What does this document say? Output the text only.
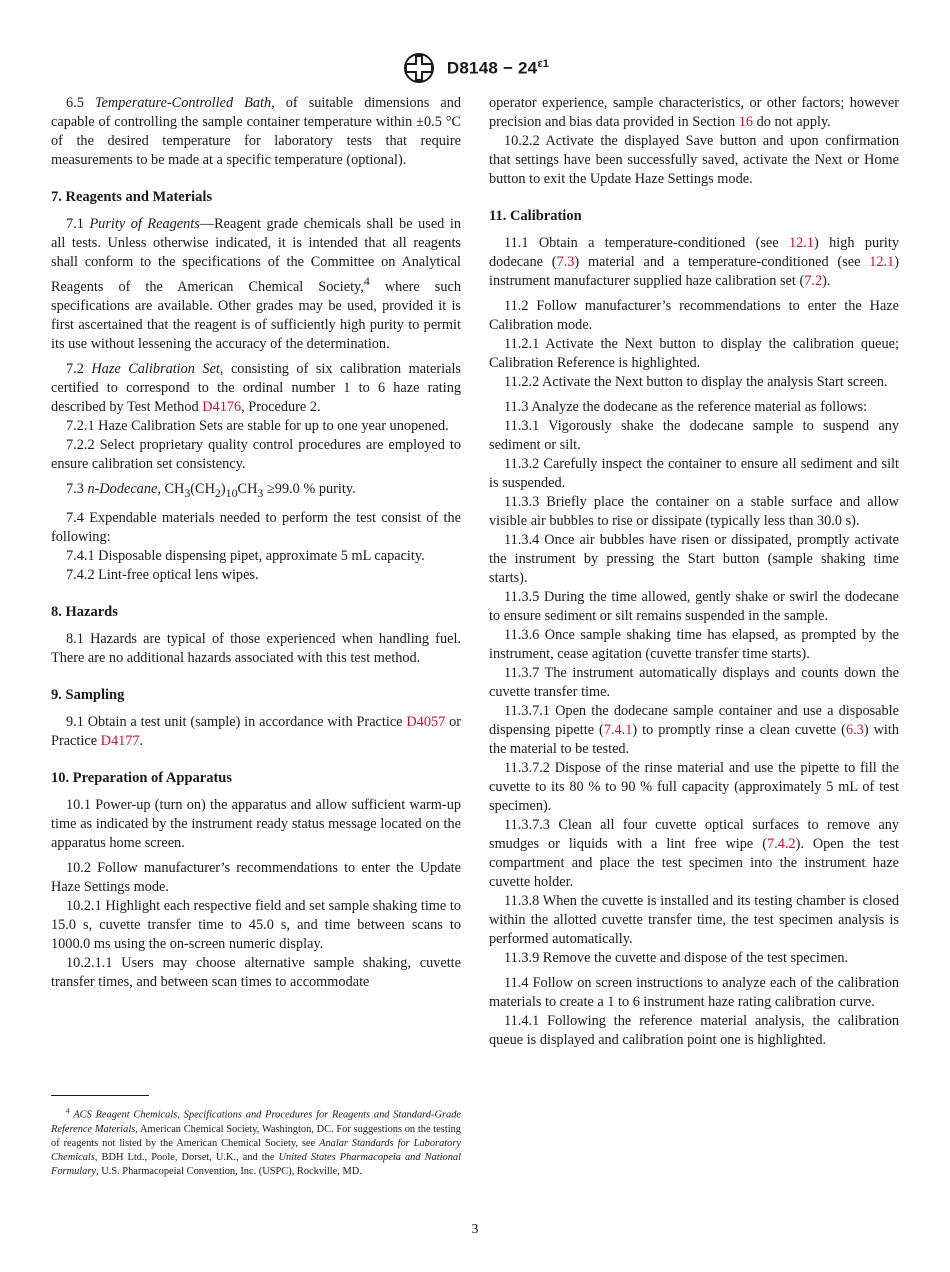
$D8148 - 24^{\varepsilon 1}$

6.5 Temperature-Controlled Bath, of suitable dimensions and capable of controlling the sample container temperature within ±0.5 °C of the desired temperature for laboratory tests that require measurements to be made at a specific temperature (optional).

7. Reagents and Materials

7.1 Purity of Reagents—Reagent grade chemicals shall be used in all tests. Unless otherwise indicated, it is intended that all reagents shall conform to the specifications of the Committee on Analytical Reagents of the American Chemical Society,$^4$ where such specifications are available. Other grades may be used, provided it is first ascertained that the reagent is of sufficiently high purity to permit its use without lessening the accuracy of the determination.

7.2 Haze Calibration Set, consisting of six calibration materials certified to correspond to the ordinal number 1 to 6 haze rating described by Test Method D4176, Procedure 2.

7.2.1 Haze Calibration Sets are stable for up to one year unopened.

7.2.2 Select proprietary quality control procedures are employed to ensure calibration set consistency.

7.3 n-Dodecane, $CH_3(CH_2)_{10}CH_3 \ge 99.0$ % purity.

7.4 Expendable materials needed to perform the test consist of the following:

7.4.1 Disposable dispensing pipet, approximate 5 mL capacity.

7.4.2 Lint-free optical lens wipes.

8. Hazards

8.1 Hazards are typical of those experienced when handling fuel. There are no additional hazards associated with this test method.

9. Sampling

9.1 Obtain a test unit (sample) in accordance with Practice D4057 or Practice D4177.

10. Preparation of Apparatus

10.1 Power-up (turn on) the apparatus and allow sufficient warm-up time as indicated by the instrument ready status message located on the apparatus home screen.

10.2 Follow manufacturer’s recommendations to enter the Update Haze Settings mode.

10.2.1 Highlight each respective field and set sample shaking time to 15.0 s, cuvette transfer time to 45.0 s, and time between scans to 1000.0 ms using the on-screen numeric display.

10.2.1.1 Users may choose alternative sample shaking, cuvette transfer times, and between scan times to accommodate

operator experience, sample characteristics, or other factors; however precision and bias data provided in Section 16 do not apply.

10.2.2 Activate the displayed Save button and upon confirmation that settings have been successfully saved, activate the Next or Home button to exit the Update Haze Settings mode.

11. Calibration

11.1 Obtain a temperature-conditioned (see 12.1) high purity dodecane (7.3) material and a temperature-conditioned (see 12.1) instrument manufacturer supplied haze calibration set (7.2).

11.2 Follow manufacturer’s recommendations to enter the Haze Calibration mode.

11.2.1 Activate the Next button to display the calibration queue; Calibration Reference is highlighted.

11.2.2 Activate the Next button to display the analysis Start screen.

11.3 Analyze the dodecane as the reference material as follows:

11.3.1 Vigorously shake the dodecane sample to suspend any sediment or silt.

11.3.2 Carefully inspect the container to ensure all sediment and silt is suspended.

11.3.3 Briefly place the container on a stable surface and allow visible air bubbles to rise or dissipate (typically less than 30.0 s).

11.3.4 Once air bubbles have risen or dissipated, promptly activate the instrument by pressing the Start button (sample shaking time starts).

11.3.5 During the time allowed, gently shake or swirl the dodecane to ensure sediment or silt remains suspended in the sample.

11.3.6 Once sample shaking time has elapsed, as prompted by the instrument, cease agitation (cuvette transfer time starts).

11.3.7 The instrument automatically displays and counts down the cuvette transfer time.

11.3.7.1 Open the dodecane sample container and use a disposable dispensing pipette (7.4.1) to promptly rinse a clean cuvette (6.3) with the material to be tested.

11.3.7.2 Dispose of the rinse material and use the pipette to fill the cuvette to its 80 % to 90 % full capacity (approximately 5 mL of test specimen).

11.3.7.3 Clean all four cuvette optical surfaces to remove any smudges or liquids with a lint free wipe (7.4.2). Open the test compartment and place the test specimen into the instrument haze cuvette holder.

11.3.8 When the cuvette is installed and its testing chamber is closed within the allotted cuvette transfer time, the test specimen analysis is performed automatically.

11.3.9 Remove the cuvette and dispose of the test specimen.

11.4 Follow on screen instructions to analyze each of the calibration materials to create a 1 to 6 instrument haze rating calibration curve.

11.4.1 Following the reference material analysis, the calibration queue is displayed and calibration point one is highlighted.

$^4$ ACS Reagent Chemicals, Specifications and Procedures for Reagents and Standard-Grade Reference Materials, American Chemical Society, Washington, DC. For suggestions on the testing of reagents not listed by the American Chemical Society, see Analar Standards for Laboratory Chemicals, BDH Ltd., Poole, Dorset, U.K., and the United States Pharmacopeia and National Formulary, U.S. Pharmacopeial Convention, Inc. (USPC), Rockville, MD.
3
